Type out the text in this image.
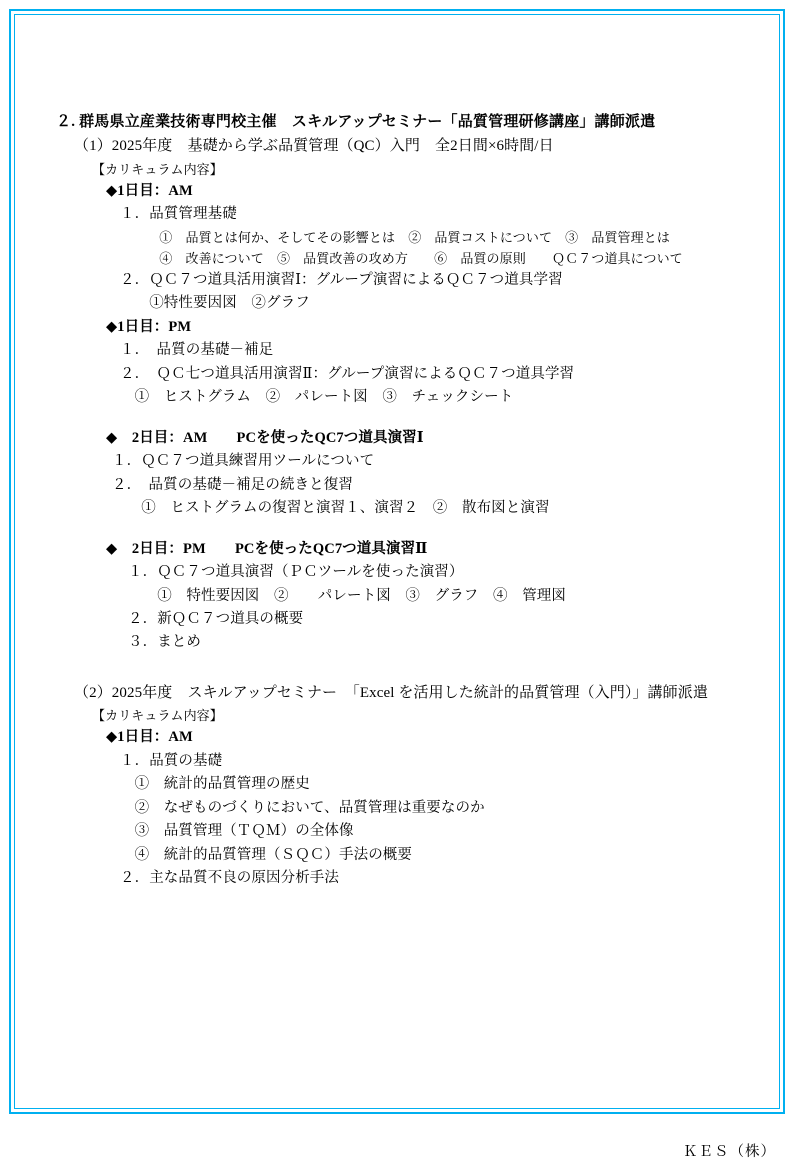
２. 群馬県立産業技術専門校主催　スキルアップセミナー「品質管理研修講座」講師派遣
（1）2025年度　基礎から学ぶ品質管理（QC）入門　全2日間×6時間/日
【カリキュラム内容】
◆1日目：AM
１．品質管理基礎
　　　①　品質とは何か、そしてその影響とは　②　品質コストについて　③　品質管理とは
　　　④　改善について　⑤　品質改善の攻め方　　⑥　品質の原則　　ＱＣ７つ道具について
２．ＱＣ７つ道具活用演習Ⅰ：グループ演習によるＱＣ７つ道具学習
　　①特性要因図　②グラフ
◆1日目：PM
１．　品質の基礎－補足
２．　ＱＣ七つ道具活用演習Ⅱ：グループ演習によるＱＣ７つ道具学習
　①　ヒストグラム　②　パレート図　③　チェックシート
◆　2日目：AM　　PCを使ったQC7つ道具演習Ⅰ
１．ＱＣ７つ道具練習用ツールについて
２．　品質の基礎－補足の続きと復習
　　①　ヒストグラムの復習と演習１、演習２　②　散布図と演習
◆　2日目：PM　　PCを使ったQC7つ道具演習Ⅱ
１．ＱＣ７つ道具演習（ＰＣツールを使った演習）
　　①　特性要因図　②　　パレート図　③　グラフ　④　管理図
２．新ＱＣ７つ道具の概要
３．まとめ
（2）2025年度　スキルアップセミナー　「Excel を活用した統計的品質管理（入門）」講師派遣
【カリキュラム内容】
◆1日目：AM
１．品質の基礎
　①　統計的品質管理の歴史
　②　なぜものづくりにおいて、品質管理は重要なのか
　③　品質管理（ＴＱＭ）の全体像
　④　統計的品質管理（ＳＱＣ）手法の概要
２．主な品質不良の原因分析手法
ＫＥＳ（株）
